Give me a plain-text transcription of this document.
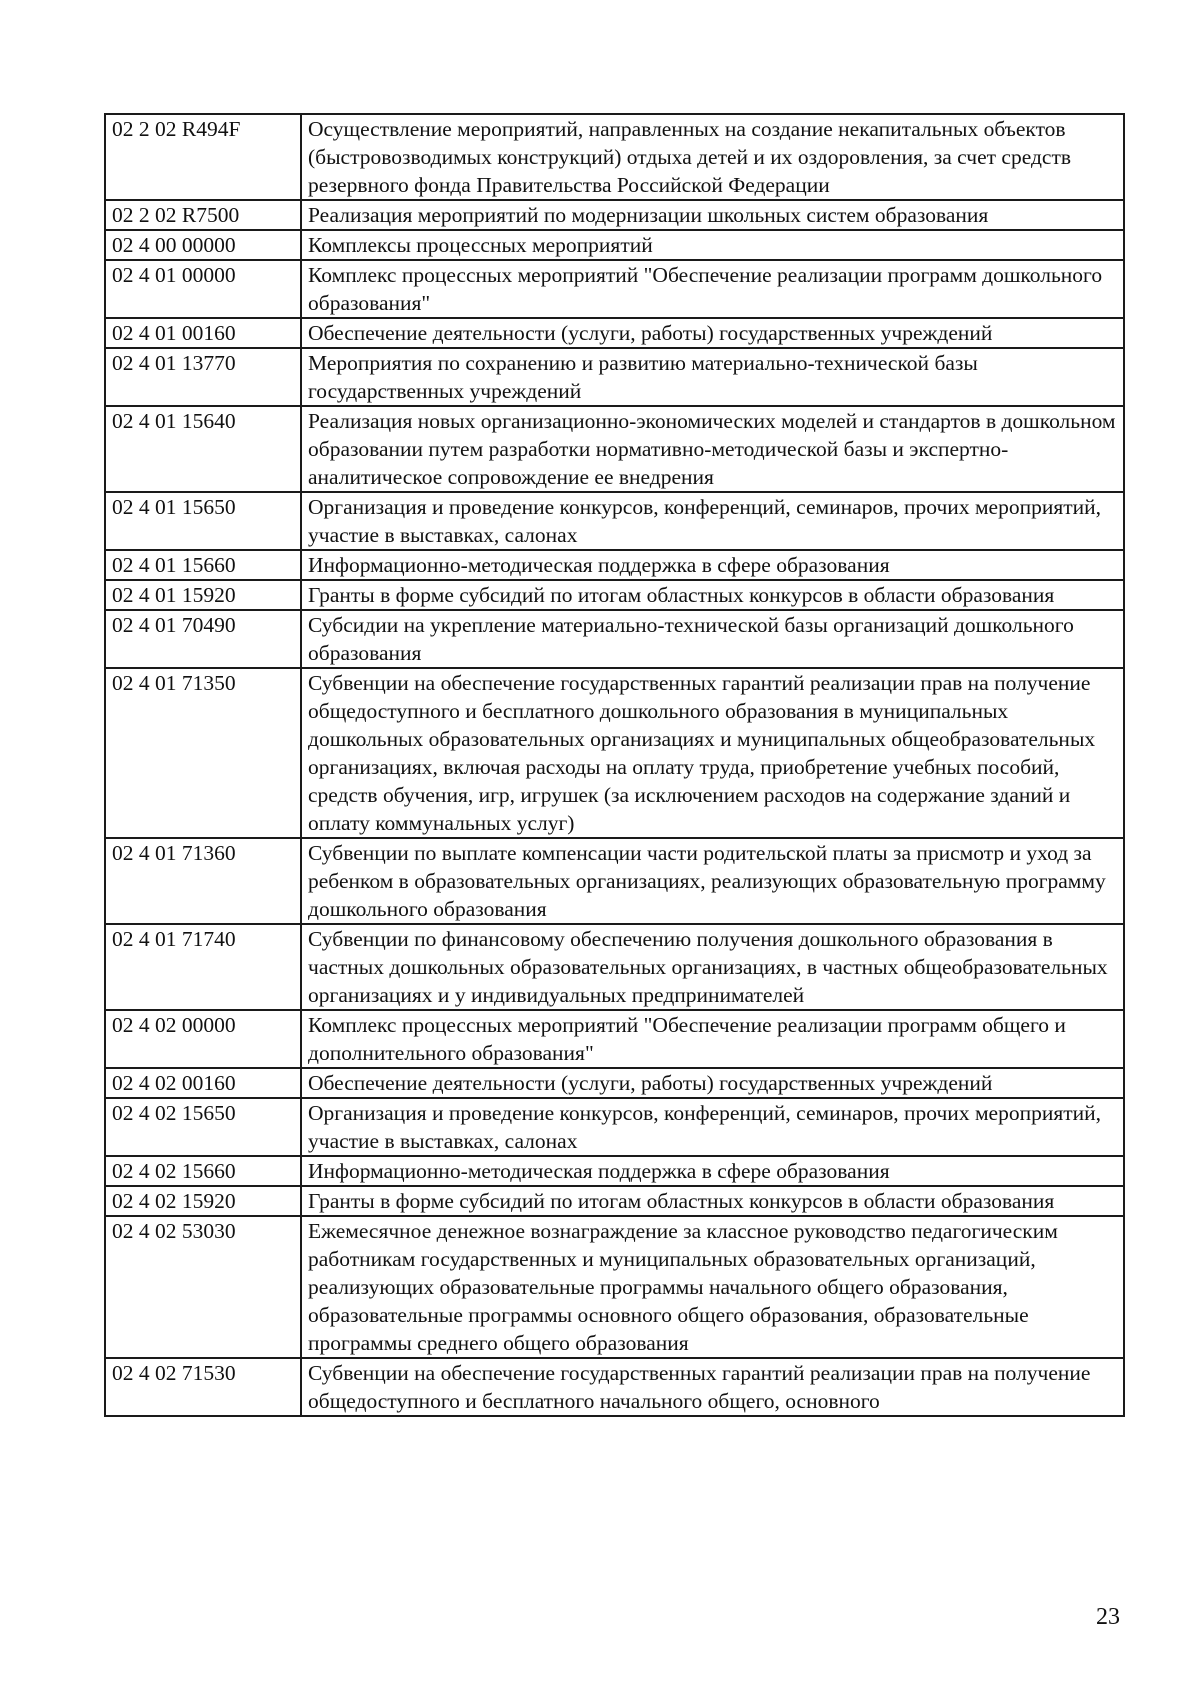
02 2 02 R494F	Осуществление мероприятий, направленных на создание некапитальных объектов (быстровозводимых конструкций) отдыха детей и их оздоровления, за счет средств резервного фонда Правительства Российской Федерации
02 2 02 R7500	Реализация мероприятий по модернизации школьных систем образования
02 4 00 00000	Комплексы процессных мероприятий
02 4 01 00000	Комплекс процессных мероприятий "Обеспечение реализации программ дошкольного образования"
02 4 01 00160	Обеспечение деятельности (услуги, работы) государственных учреждений
02 4 01 13770	Мероприятия по сохранению и развитию материально-технической базы государственных учреждений
02 4 01 15640	Реализация новых организационно-экономических моделей и стандартов в дошкольном образовании путем разработки нормативно-методической базы и экспертно-аналитическое сопровождение ее внедрения
02 4 01 15650	Организация и проведение конкурсов, конференций, семинаров, прочих мероприятий, участие в выставках, салонах
02 4 01 15660	Информационно-методическая поддержка в сфере образования
02 4 01 15920	Гранты в форме субсидий по итогам областных конкурсов в области образования
02 4 01 70490	Субсидии на укрепление материально-технической базы организаций дошкольного образования
02 4 01 71350	Субвенции на обеспечение государственных гарантий реализации прав на получение общедоступного и бесплатного дошкольного образования в муниципальных дошкольных образовательных организациях и муниципальных общеобразовательных организациях, включая расходы на оплату труда, приобретение учебных пособий, средств обучения, игр, игрушек (за исключением расходов на содержание зданий и оплату коммунальных услуг)
02 4 01 71360	Субвенции по выплате компенсации части родительской платы за присмотр и уход за ребенком в образовательных организациях, реализующих образовательную программу дошкольного образования
02 4 01 71740	Субвенции по финансовому обеспечению получения дошкольного образования в частных дошкольных образовательных организациях, в частных общеобразовательных организациях и у индивидуальных предпринимателей
02 4 02 00000	Комплекс процессных мероприятий "Обеспечение реализации программ общего и дополнительного образования"
02 4 02 00160	Обеспечение деятельности (услуги, работы) государственных учреждений
02 4 02 15650	Организация и проведение конкурсов, конференций, семинаров, прочих мероприятий, участие в выставках, салонах
02 4 02 15660	Информационно-методическая поддержка в сфере образования
02 4 02 15920	Гранты в форме субсидий по итогам областных конкурсов в области образования
02 4 02 53030	Ежемесячное денежное вознаграждение за классное руководство педагогическим работникам государственных и муниципальных образовательных организаций, реализующих образовательные программы начального общего образования, образовательные программы основного общего образования, образовательные программы среднего общего образования
02 4 02 71530	Субвенции на обеспечение государственных гарантий реализации прав на получение общедоступного и бесплатного начального общего, основного
23
